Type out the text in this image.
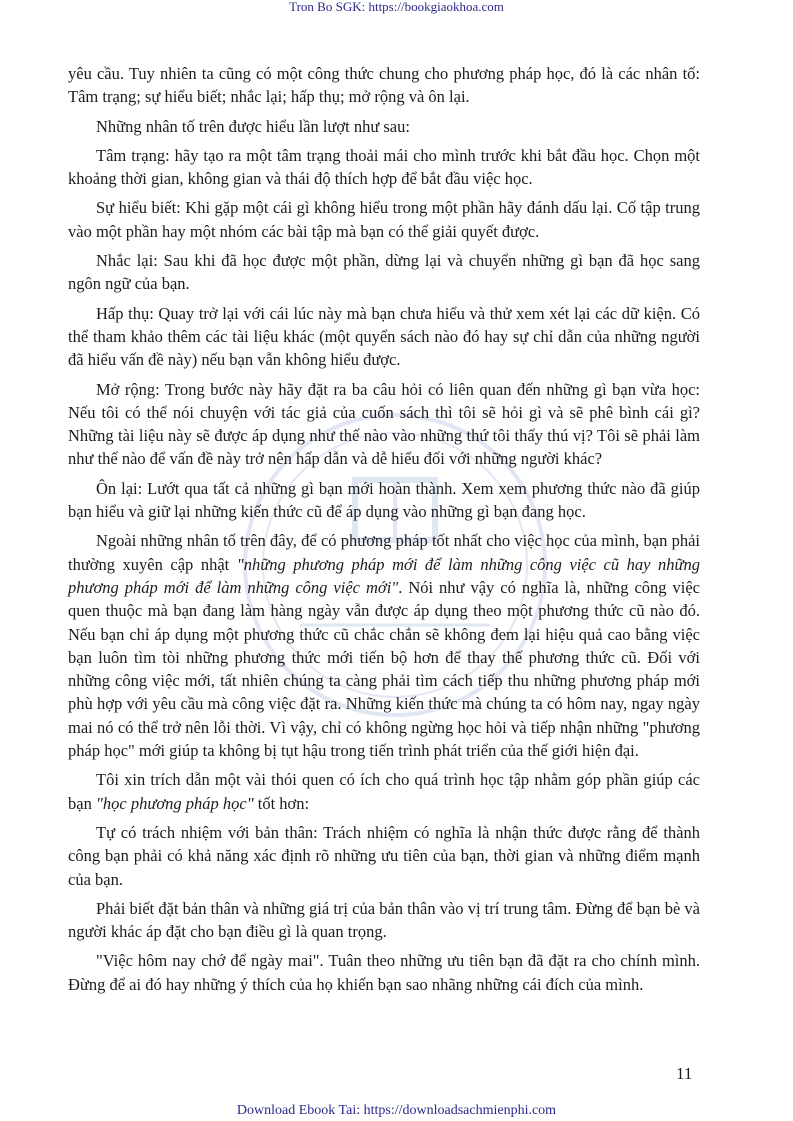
Tron Bo SGK: https://bookgiaokhoa.com

yêu cầu. Tuy nhiên ta cũng có một công thức chung cho phương pháp học, đó là các nhân tố: Tâm trạng; sự hiểu biết; nhắc lại; hấp thụ; mở rộng và ôn lại.

Những nhân tố trên được hiểu lần lượt như sau:

Tâm trạng: hãy tạo ra một tâm trạng thoải mái cho mình trước khi bắt đầu học. Chọn một khoảng thời gian, không gian và thái độ thích hợp để bắt đầu việc học.

Sự hiểu biết: Khi gặp một cái gì không hiểu trong một phần hãy đánh dấu lại. Cố tập trung vào một phần hay một nhóm các bài tập mà bạn có thể giải quyết được.

Nhắc lại: Sau khi đã học được một phần, dừng lại và chuyển những gì bạn đã học sang ngôn ngữ của bạn.

Hấp thụ: Quay trở lại với cái lúc này mà bạn chưa hiểu và thử xem xét lại các dữ kiện. Có thể tham khảo thêm các tài liệu khác (một quyển sách nào đó hay sự chỉ dẫn của những người đã hiểu vấn đề này) nếu bạn vẫn không hiểu được.

Mở rộng: Trong bước này hãy đặt ra ba câu hỏi có liên quan đến những gì bạn vừa học: Nếu tôi có thể nói chuyện với tác giả của cuốn sách thì tôi sẽ hỏi gì và sẽ phê bình cái gì? Những tài liệu này sẽ được áp dụng như thế nào vào những thứ tôi thấy thú vị? Tôi sẽ phải làm như thế nào để vấn đề này trở nên hấp dẫn và dễ hiểu đối với những người khác?

Ôn lại: Lướt qua tất cả những gì bạn mới hoàn thành. Xem xem phương thức nào đã giúp bạn hiểu và giữ lại những kiến thức cũ để áp dụng vào những gì bạn đang học.

Ngoài những nhân tố trên đây, để có phương pháp tốt nhất cho việc học của mình, bạn phải thường xuyên cập nhật "những phương pháp mới để làm những công việc cũ hay những phương pháp mới để làm những công việc mới". Nói như vậy có nghĩa là, những công việc quen thuộc mà bạn đang làm hàng ngày vẫn được áp dụng theo một phương thức cũ nào đó. Nếu bạn chỉ áp dụng một phương thức cũ chắc chắn sẽ không đem lại hiệu quả cao bằng việc bạn luôn tìm tòi những phương thức mới tiến bộ hơn để thay thế phương thức cũ. Đối với những công việc mới, tất nhiên chúng ta càng phải tìm cách tiếp thu những phương pháp mới phù hợp với yêu cầu mà công việc đặt ra. Những kiến thức mà chúng ta có hôm nay, ngay ngày mai nó có thể trở nên lỗi thời. Vì vậy, chỉ có không ngừng học hỏi và tiếp nhận những "phương pháp học" mới giúp ta không bị tụt hậu trong tiến trình phát triển của thế giới hiện đại.

Tôi xin trích dẫn một vài thói quen có ích cho quá trình học tập nhằm góp phần giúp các bạn "học phương pháp học" tốt hơn:

Tự có trách nhiệm với bản thân: Trách nhiệm có nghĩa là nhận thức được rằng để thành công bạn phải có khả năng xác định rõ những ưu tiên của bạn, thời gian và những điểm mạnh của bạn.

Phải biết đặt bản thân và những giá trị của bản thân vào vị trí trung tâm. Đừng để bạn bè và người khác áp đặt cho bạn điều gì là quan trọng.

"Việc hôm nay chớ để ngày mai". Tuân theo những ưu tiên bạn đã đặt ra cho chính mình. Đừng để ai đó hay những ý thích của họ khiến bạn sao nhãng những cái đích của mình.

11
Download Ebook Tai: https://downloadsachmienphi.com
